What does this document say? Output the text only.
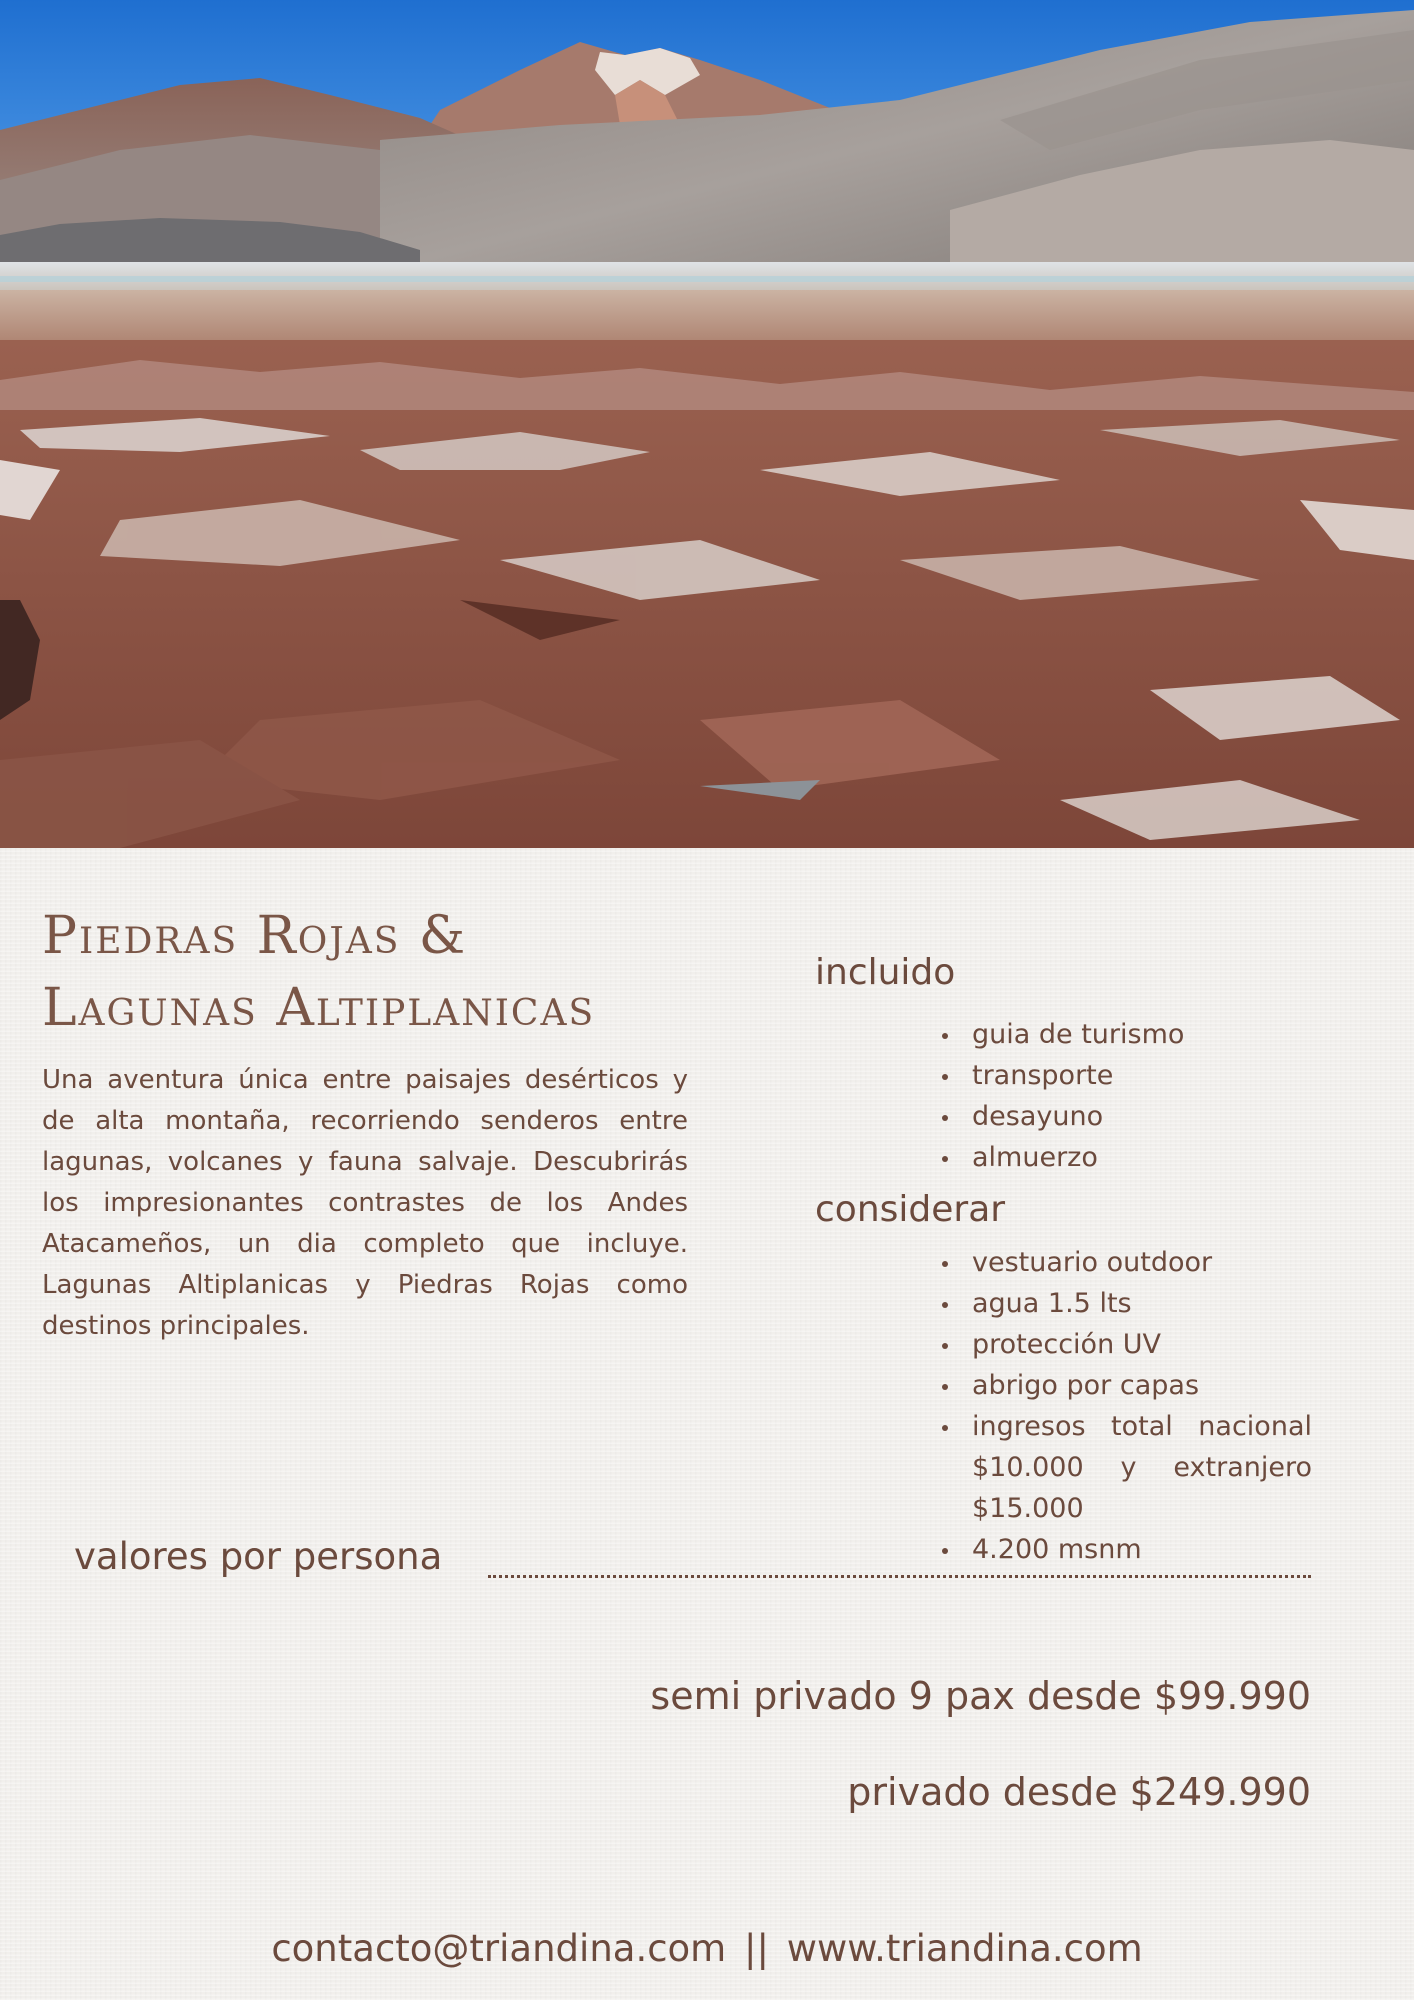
Piedras Rojas &
Lagunas Altiplanicas

Una aventura única entre paisajes desérticos y de alta montaña, recorriendo senderos entre lagunas, volcanes y fauna salvaje. Descubrirás los impresionantes contrastes de los Andes Atacameños, un dia completo que incluye. Lagunas Altiplanicas y Piedras Rojas como destinos principales.

incluido
guia de turismo
transporte
desayuno
almuerzo
considerar
vestuario outdoor
agua 1.5 lts
protección UV
abrigo por capas
ingresos total nacional $10.000 y extranjero $15.000
4.200 msnm
valores por persona
semi privado 9 pax desde $99.990
privado desde $249.990
contacto@triandina.com || www.triandina.com
